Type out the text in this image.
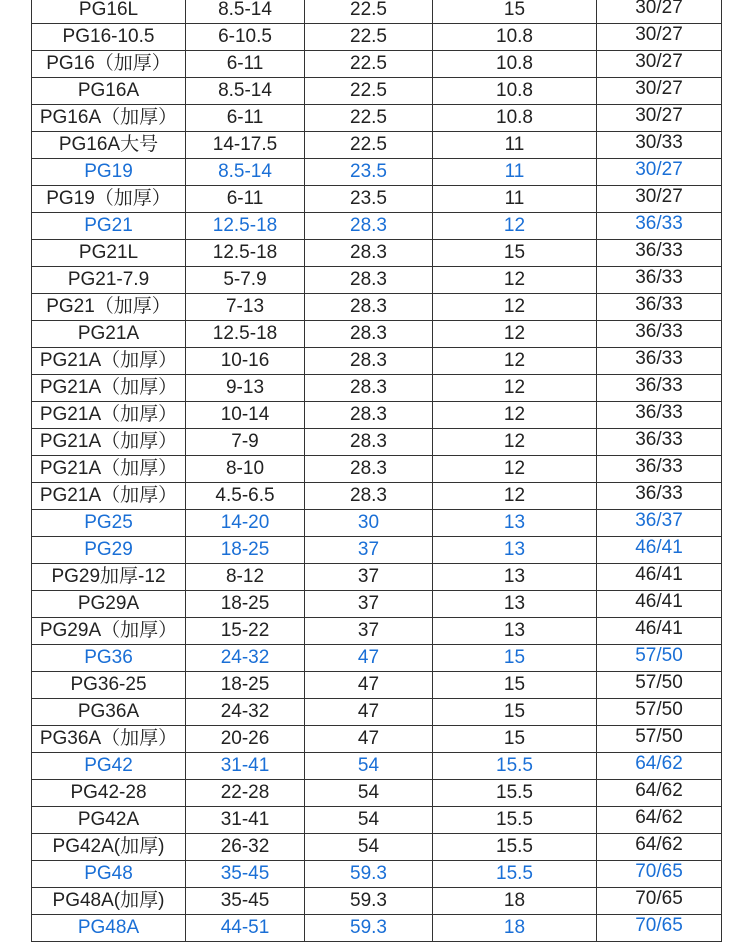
PG16L	8.5-14	22.5	15	30/27
PG16-10.5	6-10.5	22.5	10.8	30/27
PG16（加厚）	6-11	22.5	10.8	30/27
PG16A	8.5-14	22.5	10.8	30/27
PG16A（加厚）	6-11	22.5	10.8	30/27
PG16A大号	14-17.5	22.5	11	30/33
PG19	8.5-14	23.5	11	30/27
PG19（加厚）	6-11	23.5	11	30/27
PG21	12.5-18	28.3	12	36/33
PG21L	12.5-18	28.3	15	36/33
PG21-7.9	5-7.9	28.3	12	36/33
PG21（加厚）	7-13	28.3	12	36/33
PG21A	12.5-18	28.3	12	36/33
PG21A（加厚）	10-16	28.3	12	36/33
PG21A（加厚）	9-13	28.3	12	36/33
PG21A（加厚）	10-14	28.3	12	36/33
PG21A（加厚）	7-9	28.3	12	36/33
PG21A（加厚）	8-10	28.3	12	36/33
PG21A（加厚）	4.5-6.5	28.3	12	36/33
PG25	14-20	30	13	36/37
PG29	18-25	37	13	46/41
PG29加厚-12	8-12	37	13	46/41
PG29A	18-25	37	13	46/41
PG29A（加厚）	15-22	37	13	46/41
PG36	24-32	47	15	57/50
PG36-25	18-25	47	15	57/50
PG36A	24-32	47	15	57/50
PG36A（加厚）	20-26	47	15	57/50
PG42	31-41	54	15.5	64/62
PG42-28	22-28	54	15.5	64/62
PG42A	31-41	54	15.5	64/62
PG42A(加厚)	26-32	54	15.5	64/62
PG48	35-45	59.3	15.5	70/65
PG48A(加厚)	35-45	59.3	18	70/65
PG48A	44-51	59.3	18	70/65
